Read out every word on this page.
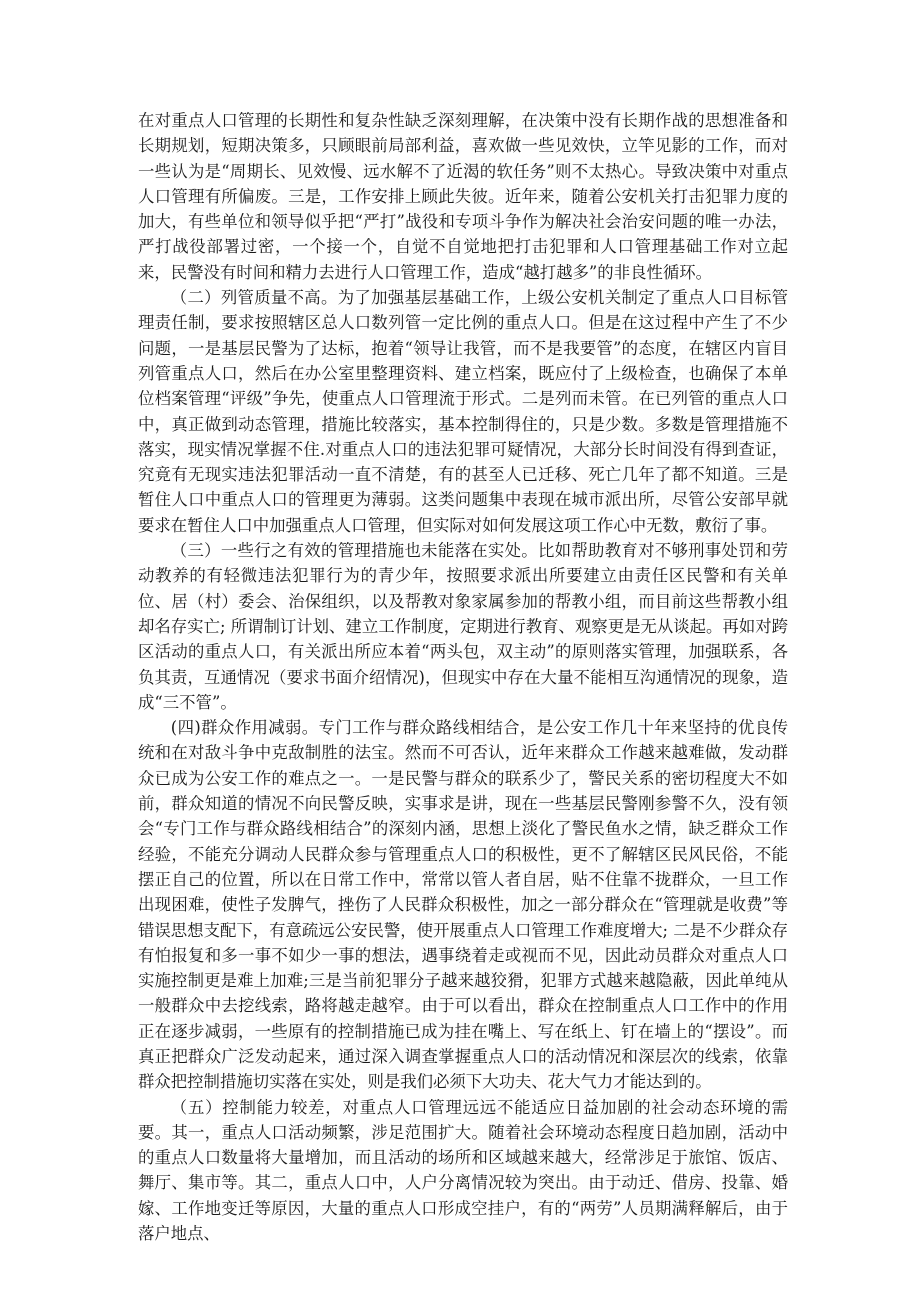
在对重点人口管理的长期性和复杂性缺乏深刻理解，在决策中没有长期作战的思想准备和长期规划，短期决策多，只顾眼前局部利益，喜欢做一些见效快，立竿见影的工作，而对一些认为是“周期长、见效慢、远水解不了近渴的软任务”则不太热心。导致决策中对重点人口管理有所偏废。三是，工作安排上顾此失彼。近年来，随着公安机关打击犯罪力度的加大，有些单位和领导似乎把“严打”战役和专项斗争作为解决社会治安问题的唯一办法，严打战役部署过密，一个接一个，自觉不自觉地把打击犯罪和人口管理基础工作对立起来，民警没有时间和精力去进行人口管理工作，造成“越打越多”的非良性循环。

（二）列管质量不高。为了加强基层基础工作，上级公安机关制定了重点人口目标管理责任制，要求按照辖区总人口数列管一定比例的重点人口。但是在这过程中产生了不少问题，一是基层民警为了达标，抱着“领导让我管，而不是我要管”的态度，在辖区内盲目列管重点人口，然后在办公室里整理资料、建立档案，既应付了上级检查，也确保了本单位档案管理“评级”争先，使重点人口管理流于形式。二是列而未管。在已列管的重点人口中，真正做到动态管理，措施比较落实，基本控制得住的，只是少数。多数是管理措施不落实，现实情况掌握不住.对重点人口的违法犯罪可疑情况，大部分长时间没有得到查证，究竟有无现实违法犯罪活动一直不清楚，有的甚至人已迁移、死亡几年了都不知道。三是暂住人口中重点人口的管理更为薄弱。这类问题集中表现在城市派出所，尽管公安部早就要求在暂住人口中加强重点人口管理，但实际对如何发展这项工作心中无数，敷衍了事。

（三）一些行之有效的管理措施也未能落在实处。比如帮助教育对不够刑事处罚和劳动教养的有轻微违法犯罪行为的青少年，按照要求派出所要建立由责任区民警和有关单位、居（村）委会、治保组织，以及帮教对象家属参加的帮教小组，而目前这些帮教小组却名存实亡; 所谓制订计划、建立工作制度，定期进行教育、观察更是无从谈起。再如对跨区活动的重点人口，有关派出所应本着“两头包，双主动”的原则落实管理，加强联系，各负其责，互通情况（要求书面介绍情况)，但现实中存在大量不能相互沟通情况的现象，造成“三不管”。

(四)群众作用减弱。专门工作与群众路线相结合，是公安工作几十年来坚持的优良传统和在对敌斗争中克敌制胜的法宝。然而不可否认，近年来群众工作越来越难做，发动群众已成为公安工作的难点之一。一是民警与群众的联系少了，警民关系的密切程度大不如前，群众知道的情况不向民警反映，实事求是讲，现在一些基层民警刚参警不久，没有领会“专门工作与群众路线相结合”的深刻内涵，思想上淡化了警民鱼水之情，缺乏群众工作经验，不能充分调动人民群众参与管理重点人口的积极性，更不了解辖区民风民俗，不能摆正自己的位置，所以在日常工作中，常常以管人者自居，贴不住靠不拢群众，一旦工作出现困难，使性子发脾气，挫伤了人民群众积极性，加之一部分群众在“管理就是收费”等错误思想支配下，有意疏远公安民警，使开展重点人口管理工作难度增大; 二是不少群众存有怕报复和多一事不如少一事的想法，遇事绕着走或视而不见，因此动员群众对重点人口实施控制更是难上加难;三是当前犯罪分子越来越狡猾，犯罪方式越来越隐蔽，因此单纯从一般群众中去挖线索，路将越走越窄。由于可以看出，群众在控制重点人口工作中的作用正在逐步减弱，一些原有的控制措施已成为挂在嘴上、写在纸上、钉在墙上的“摆设”。而真正把群众广泛发动起来，通过深入调查掌握重点人口的活动情况和深层次的线索，依靠群众把控制措施切实落在实处，则是我们必须下大功夫、花大气力才能达到的。

（五）控制能力较差，对重点人口管理远远不能适应日益加剧的社会动态环境的需要。其一，重点人口活动频繁，涉足范围扩大。随着社会环境动态程度日趋加剧，活动中的重点人口数量将大量增加，而且活动的场所和区域越来越大，经常涉足于旅馆、饭店、舞厅、集市等。其二，重点人口中，人户分离情况较为突出。由于动迁、借房、投靠、婚嫁、工作地变迁等原因，大量的重点人口形成空挂户，有的“两劳”人员期满释解后，由于落户地点、
